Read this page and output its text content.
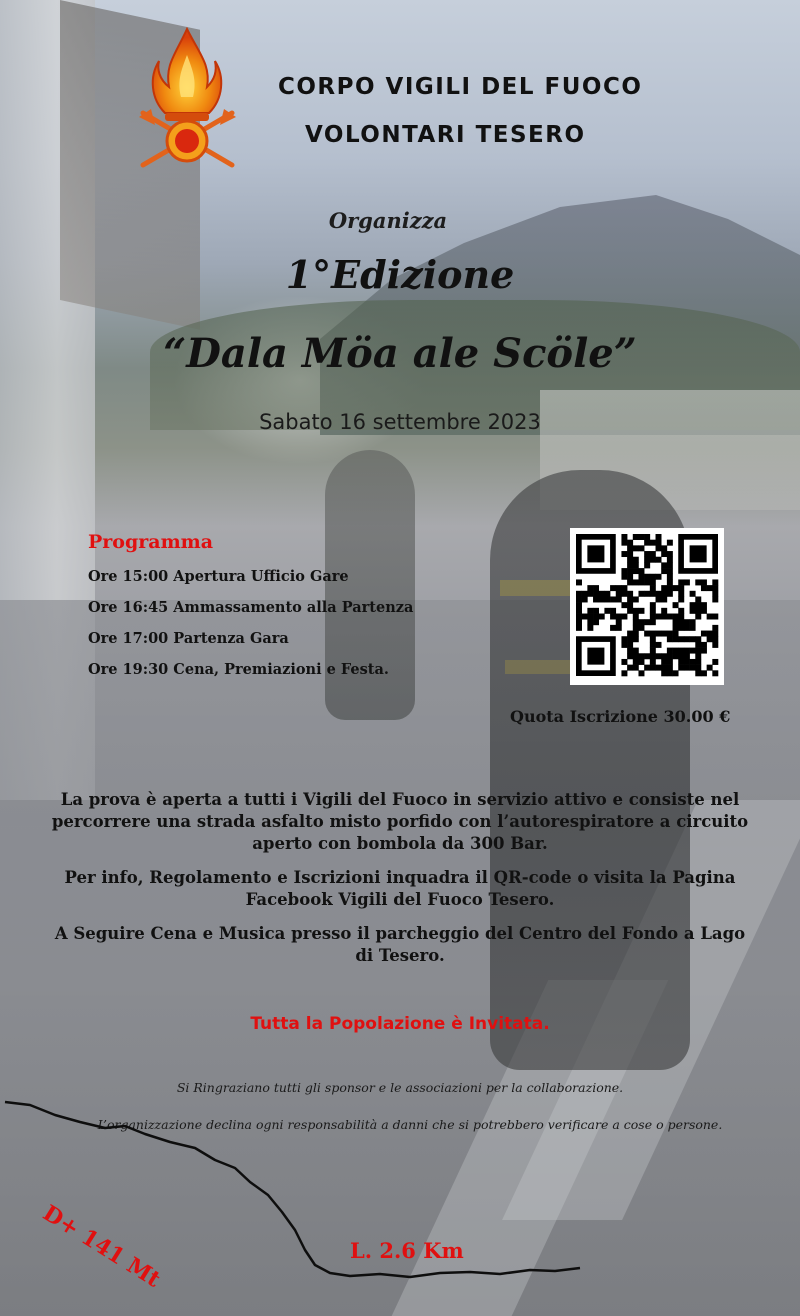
CORPO VIGILI DEL FUOCO
VOLONTARI TESERO
Organizza
1°Edizione
“Dala Möa ale Scöle”
Sabato 16 settembre 2023
Programma
Ore 15:00 Apertura Ufficio Gare
Ore 16:45 Ammassamento alla Partenza
Ore 17:00 Partenza Gara
Ore 19:30 Cena, Premiazioni e Festa.
Quota Iscrizione 30.00 €
La prova è aperta a tutti i Vigili del Fuoco in servizio attivo e consiste nel percorrere una strada asfalto misto porfido con l’autorespiratore a circuito aperto con bombola da 300 Bar.
Per info, Regolamento e Iscrizioni inquadra il QR-code o visita la Pagina Facebook Vigili del Fuoco Tesero.
A Seguire Cena e Musica presso il parcheggio del Centro del Fondo a Lago di Tesero.
Tutta la Popolazione è Invitata.
Si Ringraziano tutti gli sponsor e le associazioni per la collaborazione.
L’organizzazione declina ogni responsabilità a danni che si potrebbero verificare a cose o persone.
D+ 141 Mt	L. 2.6 Km
